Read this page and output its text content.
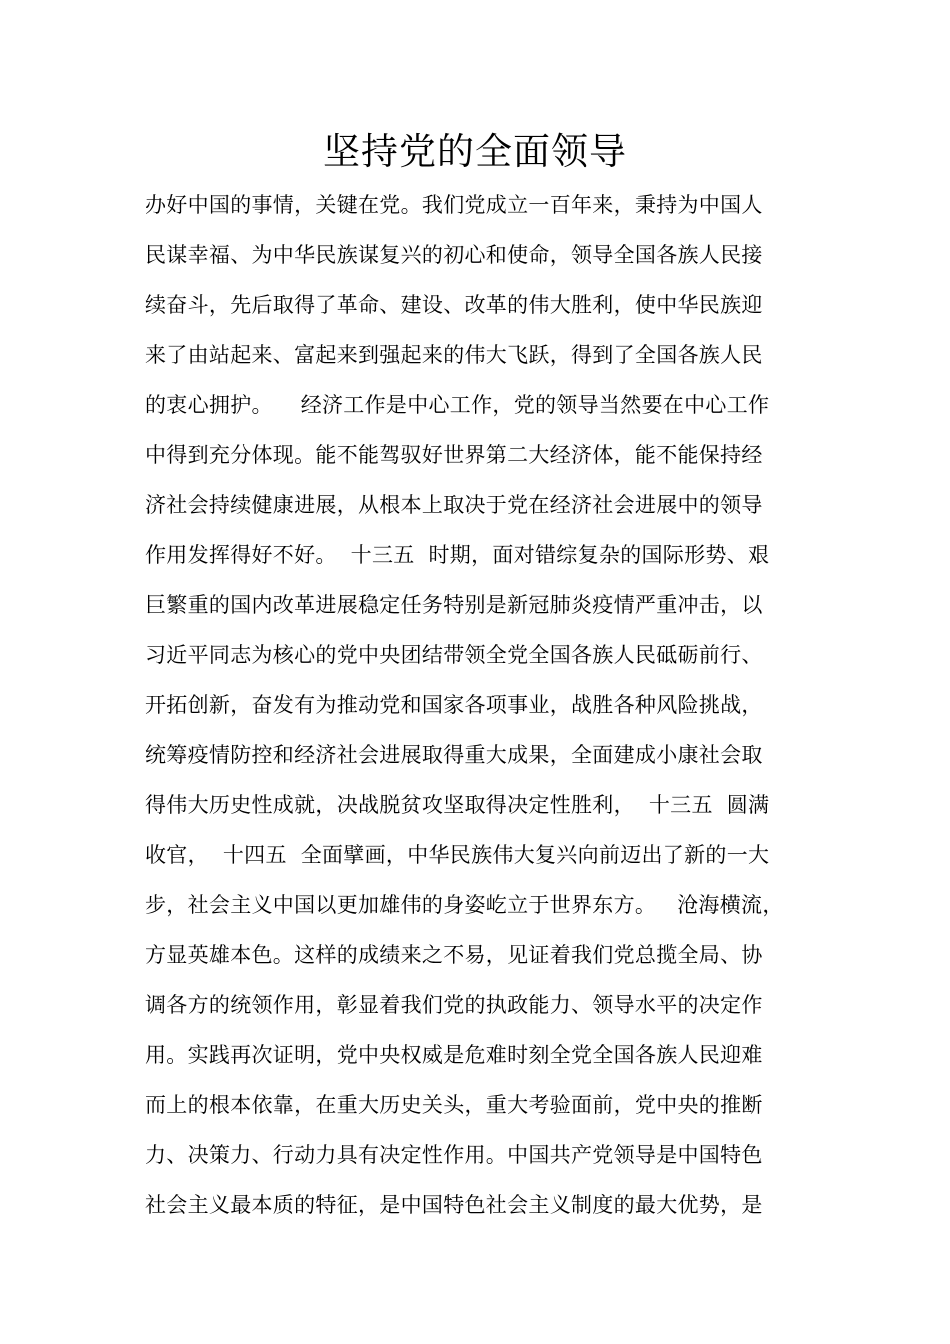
坚持党的全面领导
办好中国的事情，关键在党。我们党成立一百年来，秉持为中国人
民谋幸福、为中华民族谋复兴的初心和使命，领导全国各族人民接
续奋斗，先后取得了革命、建设、改革的伟大胜利，使中华民族迎
来了由站起来、富起来到强起来的伟大飞跃，得到了全国各族人民
的衷心拥护。    经济工作是中心工作，党的领导当然要在中心工作
中得到充分体现。能不能驾驭好世界第二大经济体，能不能保持经
济社会持续健康进展，从根本上取决于党在经济社会进展中的领导
作用发挥得好不好。  十三五  时期，面对错综复杂的国际形势、艰
巨繁重的国内改革进展稳定任务特别是新冠肺炎疫情严重冲击，以
习近平同志为核心的党中央团结带领全党全国各族人民砥砺前行、
开拓创新，奋发有为推动党和国家各项事业，战胜各种风险挑战，
统筹疫情防控和经济社会进展取得重大成果，全面建成小康社会取
得伟大历史性成就，决战脱贫攻坚取得决定性胜利，  十三五  圆满
收官，  十四五  全面擘画，中华民族伟大复兴向前迈出了新的一大
步，社会主义中国以更加雄伟的身姿屹立于世界东方。   沧海横流，
方显英雄本色。这样的成绩来之不易，见证着我们党总揽全局、协
调各方的统领作用，彰显着我们党的执政能力、领导水平的决定作
用。实践再次证明，党中央权威是危难时刻全党全国各族人民迎难
而上的根本依靠，在重大历史关头，重大考验面前，党中央的推断
力、决策力、行动力具有决定性作用。中国共产党领导是中国特色
社会主义最本质的特征，是中国特色社会主义制度的最大优势，是
